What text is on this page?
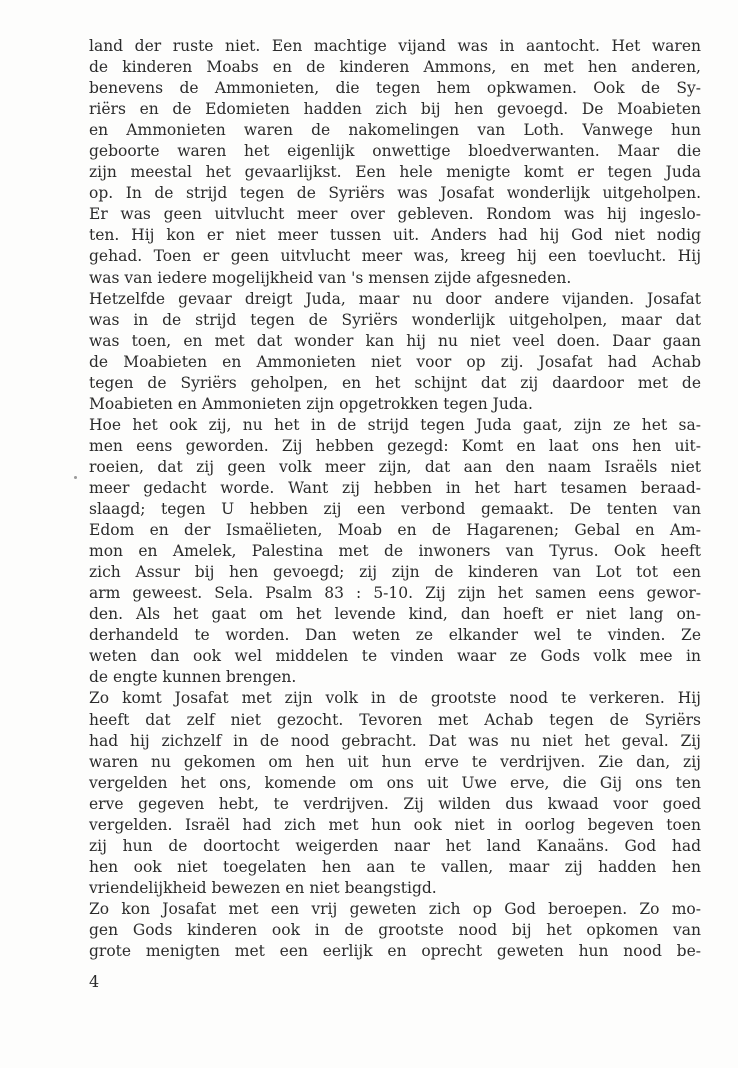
land der ruste niet. Een machtige vijand was in aantocht. Het waren
de kinderen Moabs en de kinderen Ammons, en met hen anderen,
benevens de Ammonieten, die tegen hem opkwamen. Ook de Sy-
riërs en de Edomieten hadden zich bij hen gevoegd. De Moabieten
en Ammonieten waren de nakomelingen van Loth. Vanwege hun
geboorte waren het eigenlijk onwettige bloedverwanten. Maar die
zijn meestal het gevaarlijkst. Een hele menigte komt er tegen Juda
op. In de strijd tegen de Syriërs was Josafat wonderlijk uitgeholpen.
Er was geen uitvlucht meer over gebleven. Rondom was hij ingeslo-
ten. Hij kon er niet meer tussen uit. Anders had hij God niet nodig
gehad. Toen er geen uitvlucht meer was, kreeg hij een toevlucht. Hij
was van iedere mogelijkheid van 's mensen zijde afgesneden.
Hetzelfde gevaar dreigt Juda, maar nu door andere vijanden. Josafat
was in de strijd tegen de Syriërs wonderlijk uitgeholpen, maar dat
was toen, en met dat wonder kan hij nu niet veel doen. Daar gaan
de Moabieten en Ammonieten niet voor op zij. Josafat had Achab
tegen de Syriërs geholpen, en het schijnt dat zij daardoor met de
Moabieten en Ammonieten zijn opgetrokken tegen Juda.
Hoe het ook zij, nu het in de strijd tegen Juda gaat, zijn ze het sa-
men eens geworden. Zij hebben gezegd: Komt en laat ons hen uit-
roeien, dat zij geen volk meer zijn, dat aan den naam Israëls niet
meer gedacht worde. Want zij hebben in het hart tesamen beraad-
slaagd; tegen U hebben zij een verbond gemaakt. De tenten van
Edom en der Ismaëlieten, Moab en de Hagarenen; Gebal en Am-
mon en Amelek, Palestina met de inwoners van Tyrus. Ook heeft
zich Assur bij hen gevoegd; zij zijn de kinderen van Lot tot een
arm geweest. Sela. Psalm 83 : 5-10. Zij zijn het samen eens gewor-
den. Als het gaat om het levende kind, dan hoeft er niet lang on-
derhandeld te worden. Dan weten ze elkander wel te vinden. Ze
weten dan ook wel middelen te vinden waar ze Gods volk mee in
de engte kunnen brengen.
Zo komt Josafat met zijn volk in de grootste nood te verkeren. Hij
heeft dat zelf niet gezocht. Tevoren met Achab tegen de Syriërs
had hij zichzelf in de nood gebracht. Dat was nu niet het geval. Zij
waren nu gekomen om hen uit hun erve te verdrijven. Zie dan, zij
vergelden het ons, komende om ons uit Uwe erve, die Gij ons ten
erve gegeven hebt, te verdrijven. Zij wilden dus kwaad voor goed
vergelden. Israël had zich met hun ook niet in oorlog begeven toen
zij hun de doortocht weigerden naar het land Kanaäns. God had
hen ook niet toegelaten hen aan te vallen, maar zij hadden hen
vriendelijkheid bewezen en niet beangstigd.
Zo kon Josafat met een vrij geweten zich op God beroepen. Zo mo-
gen Gods kinderen ook in de grootste nood bij het opkomen van
grote menigten met een eerlijk en oprecht geweten hun nood be-
4
